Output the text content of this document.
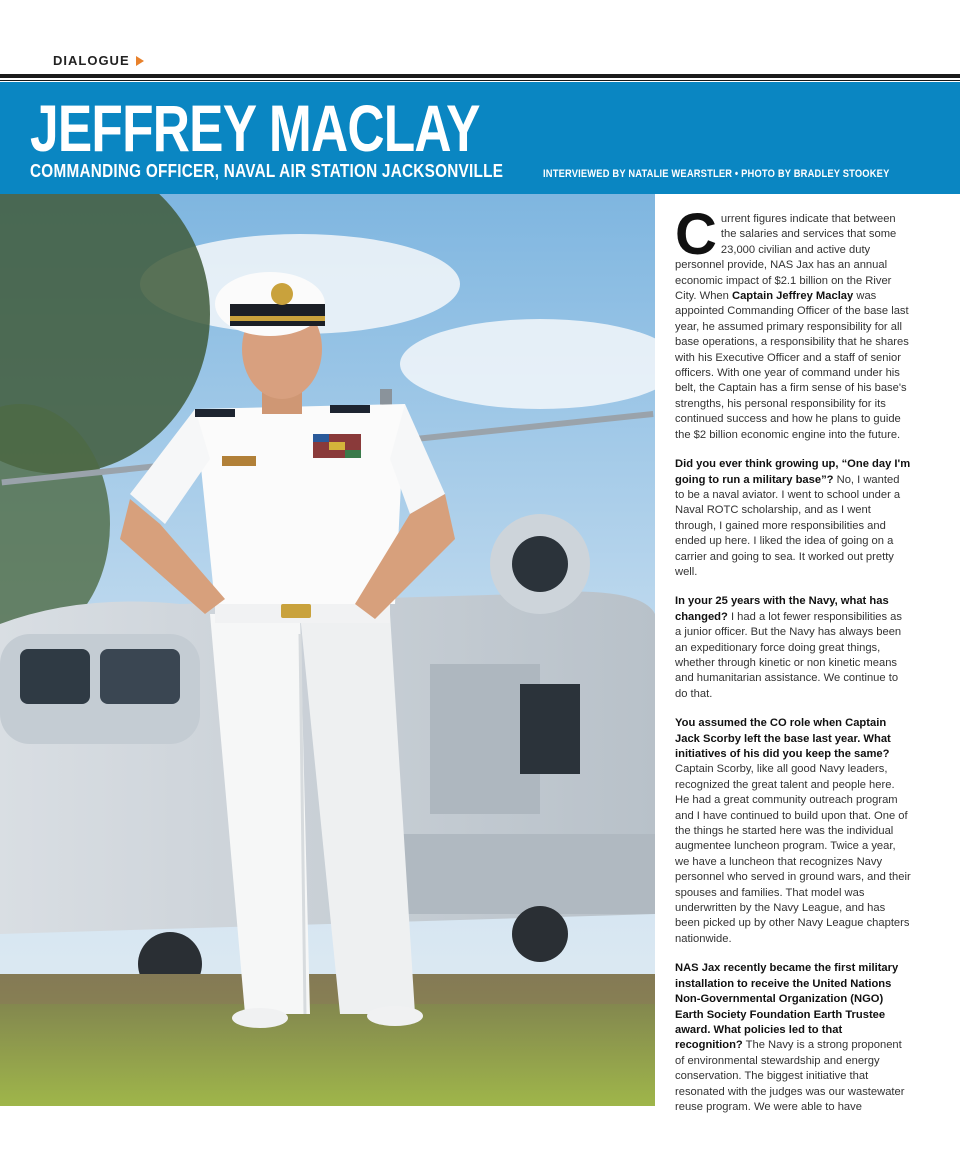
DIALOGUE
JEFFREY MACLAY
COMMANDING OFFICER, NAVAL AIR STATION JACKSONVILLE	INTERVIEWED BY NATALIE WEARSTLER • PHOTO BY BRADLEY STOOKEY

Current figures indicate that between the salaries and services that some 23,000 civilian and active duty personnel provide, NAS Jax has an annual economic impact of $2.1 billion on the River City. When Captain Jeffrey Maclay was appointed Commanding Officer of the base last year, he assumed primary responsibility for all base operations, a responsibility that he shares with his Executive Officer and a staff of senior officers. With one year of command under his belt, the Captain has a firm sense of his base's strengths, his personal responsibility for its continued success and how he plans to guide the $2 billion economic engine into the future.

Did you ever think growing up, “One day I'm going to run a military base”? No, I wanted to be a naval aviator. I went to school under a Naval ROTC scholarship, and as I went through, I gained more responsibilities and ended up here. I liked the idea of going on a carrier and going to sea. It worked out pretty well.

In your 25 years with the Navy, what has changed? I had a lot fewer responsibilities as a junior officer. But the Navy has always been an expeditionary force doing great things, whether through kinetic or non kinetic means and humanitarian assistance. We continue to do that.

You assumed the CO role when Captain Jack Scorby left the base last year. What initiatives of his did you keep the same? Captain Scorby, like all good Navy leaders, recognized the great talent and people here. He had a great community outreach program and I have continued to build upon that. One of the things he started here was the individual augmentee luncheon program. Twice a year, we have a luncheon that recognizes Navy personnel who served in ground wars, and their spouses and families. That model was underwritten by the Navy League, and has been picked up by other Navy League chapters nationwide.

NAS Jax recently became the first military installation to receive the United Nations Non-Governmental Organization (NGO) Earth Society Foundation Earth Trustee award. What policies led to that recognition? The Navy is a strong proponent of environmental stewardship and energy conservation. The biggest initiative that resonated with the judges was our wastewater reuse program. We were able to have
